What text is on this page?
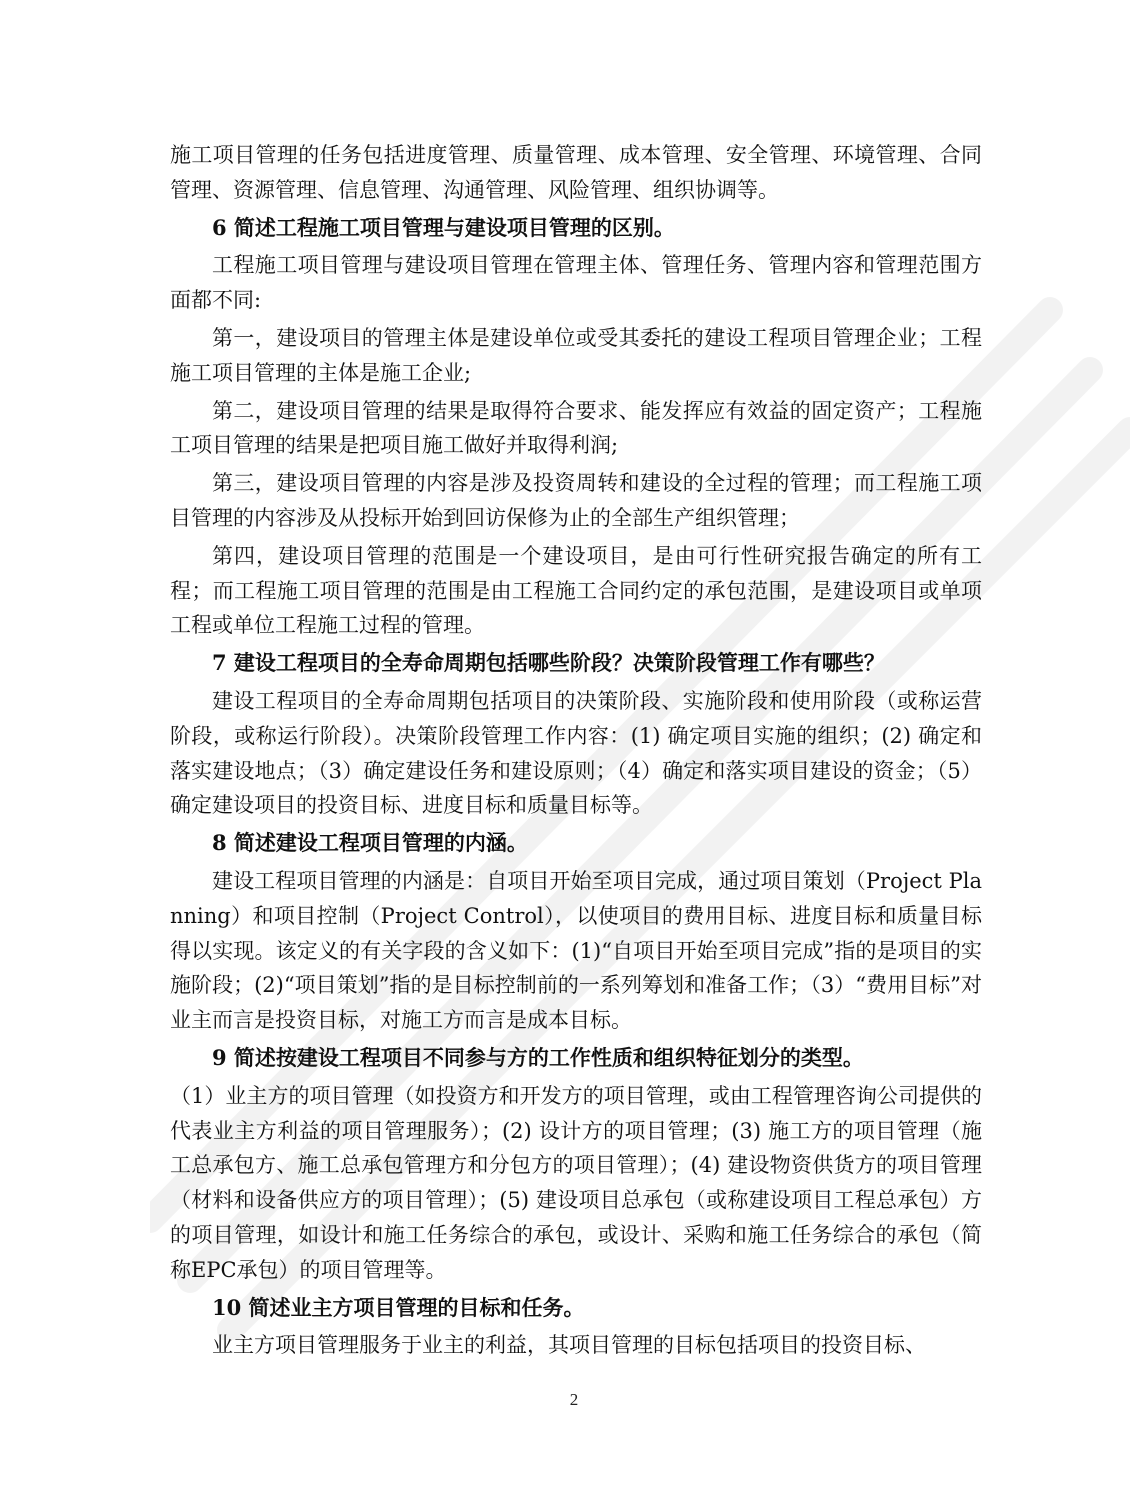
施工项目管理的任务包括进度管理、质量管理、成本管理、安全管理、环境管理、合同管理、资源管理、信息管理、沟通管理、风险管理、组织协调等。

6 简述工程施工项目管理与建设项目管理的区别。

工程施工项目管理与建设项目管理在管理主体、管理任务、管理内容和管理范围方面都不同:

第一，建设项目的管理主体是建设单位或受其委托的建设工程项目管理企业；工程施工项目管理的主体是施工企业;

第二，建设项目管理的结果是取得符合要求、能发挥应有效益的固定资产；工程施工项目管理的结果是把项目施工做好并取得利润;

第三，建设项目管理的内容是涉及投资周转和建设的全过程的管理；而工程施工项目管理的内容涉及从投标开始到回访保修为止的全部生产组织管理；

第四，建设项目管理的范围是一个建设项目，是由可行性研究报告确定的所有工程；而工程施工项目管理的范围是由工程施工合同约定的承包范围，是建设项目或单项工程或单位工程施工过程的管理。

7 建设工程项目的全寿命周期包括哪些阶段？决策阶段管理工作有哪些？

建设工程项目的全寿命周期包括项目的决策阶段、实施阶段和使用阶段（或称运营阶段，或称运行阶段）。决策阶段管理工作内容：(1) 确定项目实施的组织；(2) 确定和落实建设地点；（3）确定建设任务和建设原则；（4）确定和落实项目建设的资金；（5）确定建设项目的投资目标、进度目标和质量目标等。

8 简述建设工程项目管理的内涵。

建设工程项目管理的内涵是：自项目开始至项目完成，通过项目策划（Project Planning）和项目控制（Project Control），以使项目的费用目标、进度目标和质量目标得以实现。该定义的有关字段的含义如下：(1)“自项目开始至项目完成”指的是项目的实施阶段；(2)“项目策划”指的是目标控制前的一系列筹划和准备工作；（3）“费用目标”对业主而言是投资目标，对施工方而言是成本目标。

9 简述按建设工程项目不同参与方的工作性质和组织特征划分的类型。

（1）业主方的项目管理（如投资方和开发方的项目管理，或由工程管理咨询公司提供的代表业主方利益的项目管理服务）；(2) 设计方的项目管理；(3) 施工方的项目管理（施工总承包方、施工总承包管理方和分包方的项目管理）；(4) 建设物资供货方的项目管理（材料和设备供应方的项目管理）；(5) 建设项目总承包（或称建设项目工程总承包）方的项目管理，如设计和施工任务综合的承包，或设计、采购和施工任务综合的承包（简称EPC承包）的项目管理等。

10 简述业主方项目管理的目标和任务。

业主方项目管理服务于业主的利益，其项目管理的目标包括项目的投资目标、

2
